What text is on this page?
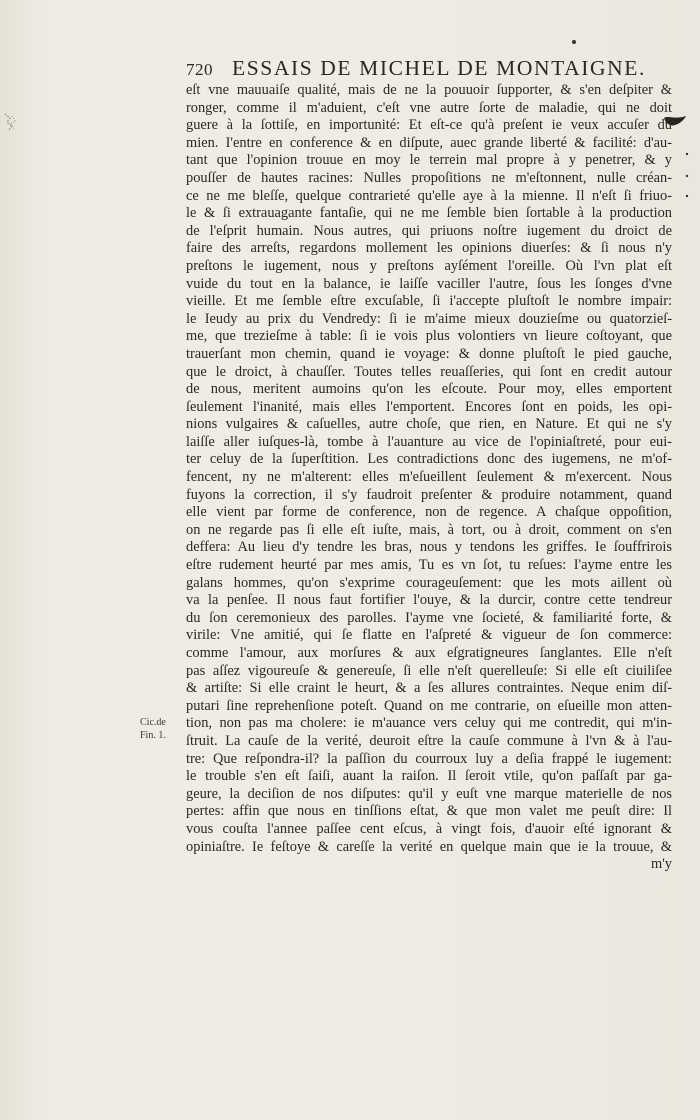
720 ESSAIS DE MICHEL DE MONTAIGNE.
Cic.de
Fin. 1.
eſt vne mauuaiſe qualité, mais de ne la pouuoir ſupporter, & s'en deſpiter &
ronger, comme il m'aduient, c'eſt vne autre ſorte de maladie, qui ne doit
guere à la ſottiſe, en importunité: Et eſt-ce qu'à preſent ie veux accuſer du
mien. I'entre en conference & en diſpute, auec grande liberté & facilité: d'au-
tant que l'opinion trouue en moy le terrein mal propre à y penetrer, & y
pouſſer de hautes racines: Nulles propoſitions ne m'eſtonnent, nulle créan-
ce ne me bleſſe, quelque contrarieté qu'elle aye à la mienne. Il n'eſt ſi friuo-
le & ſi extrauagante fantaſie, qui ne me ſemble bien ſortable à la production
de l'eſprit humain. Nous autres, qui priuons noſtre iugement du droict de
faire des arreſts, regardons mollement les opinions diuerſes: & ſi nous n'y
preſtons le iugement, nous y preſtons ayſément l'oreille. Où l'vn plat eſt
vuide du tout en la balance, ie laiſſe vaciller l'autre, ſous les ſonges d'vne
vieille. Et me ſemble eſtre excuſable, ſi i'accepte pluſtoſt le nombre impair:
le Ieudy au prix du Vendredy: ſi ie m'aime mieux douzieſme ou quatorzieſ-
me, que trezieſme à table: ſi ie vois plus volontiers vn lieure coſtoyant, que
trauerſant mon chemin, quand ie voyage: & donne pluſtoſt le pied gauche,
que le droict, à chauſſer. Toutes telles reuaſſeries, qui ſont en credit autour
de nous, meritent aumoins qu'on les eſcoute. Pour moy, elles emportent
ſeulement l'inanité, mais elles l'emportent. Encores ſont en poids, les opi-
nions vulgaires & caſuelles, autre choſe, que rien, en Nature. Et qui ne s'y
laiſſe aller iuſques-là, tombe à l'auanture au vice de l'opiniaſtreté, pour eui-
ter celuy de la ſuperſtition. Les contradictions donc des iugemens, ne m'of-
fencent, ny ne m'alterent: elles m'eſueillent ſeulement & m'exercent. Nous
fuyons la correction, il s'y faudroit preſenter & produire notamment, quand
elle vient par forme de conference, non de regence. A chaſque oppoſition,
on ne regarde pas ſi elle eſt iuſte, mais, à tort, ou à droit, comment on s'en
deffera: Au lieu d'y tendre les bras, nous y tendons les griffes. Ie ſouffrirois
eſtre rudement heurté par mes amis, Tu es vn ſot, tu reſues: I'ayme entre les
galans hommes, qu'on s'exprime courageuſement: que les mots aillent où
va la penſee. Il nous faut fortifier l'ouye, & la durcir, contre cette tendreur
du ſon ceremonieux des parolles. I'ayme vne ſocieté, & familiarité forte, &
virile: Vne amitié, qui ſe flatte en l'aſpreté & vigueur de ſon commerce:
comme l'amour, aux morſures & aux eſgratigneures ſanglantes. Elle n'eſt
pas aſſez vigoureuſe & genereuſe, ſi elle n'eſt querelleuſe: Si elle eſt ciuiliſee
& artiſte: Si elle craint le heurt, & a ſes allures contraintes. Neque enim diſ-
putari ſine reprehenſione poteſt. Quand on me contrarie, on eſueille mon atten-
tion, non pas ma cholere: ie m'auance vers celuy qui me contredit, qui m'in-
ſtruit. La cauſe de la verité, deuroit eſtre la cauſe commune à l'vn & à l'au-
tre: Que reſpondra-il? la paſſion du courroux luy a deſia frappé le iugement:
le trouble s'en eſt ſaiſi, auant la raiſon. Il ſeroit vtile, qu'on paſſaſt par ga-
geure, la deciſion de nos diſputes: qu'il y euſt vne marque materielle de nos
pertes: affin que nous en tinſſions eſtat, & que mon valet me peuſt dire: Il
vous couſta l'annee paſſee cent eſcus, à vingt fois, d'auoir eſté ignorant &
opiniaſtre. Ie feſtoye & careſſe la verité en quelque main que ie la trouue, &
m'y
